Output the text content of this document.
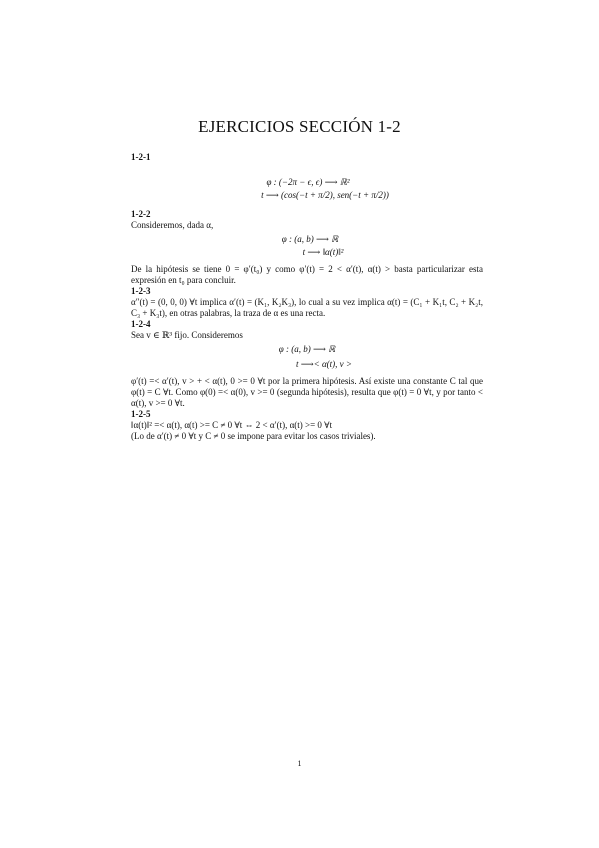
EJERCICIOS SECCIÓN 1-2
1-2-1
φ : (−2π − ϵ, ϵ) ⟶ ℝ²
t ⟶ (cos(−t + π/2), sen(−t + π/2))
1-2-2
Consideremos, dada α,
φ : (a, b) ⟶ ℝ
t ⟶ ‖α(t)‖²
De la hipótesis se tiene 0 = φ′(t₀) y como φ′(t) = 2 < α′(t), α(t) > basta particularizar esta expresión en t₀ para concluir.
1-2-3
α″(t) = (0, 0, 0) ∀t implica α′(t) = (K₁, K₂K₃), lo cual a su vez implica α(t) = (C₁ + K₁t, C₂ + K₂t, C₃ + K₃t), en otras palabras, la traza de α es una recta.
1-2-4
Sea v ∈ ℝ³ fijo. Consideremos
φ : (a, b) ⟶ ℝ
t ⟶< α(t), v >
φ′(t) =< α′(t), v > + < α(t), 0 >= 0 ∀t por la primera hipótesis. Así existe una constante C tal que φ(t) = C ∀t. Como φ(0) =< α(0), v >= 0 (segunda hipótesis), resulta que φ(t) = 0 ∀t, y por tanto < α(t), v >= 0 ∀t.
1-2-5
‖α(t)‖² =< α(t), α(t) >= C ≠ 0 ∀t ⇔ 2 < α′(t), α(t) >= 0 ∀t
(Lo de α′(t) ≠ 0 ∀t y C ≠ 0 se impone para evitar los casos triviales).
1
